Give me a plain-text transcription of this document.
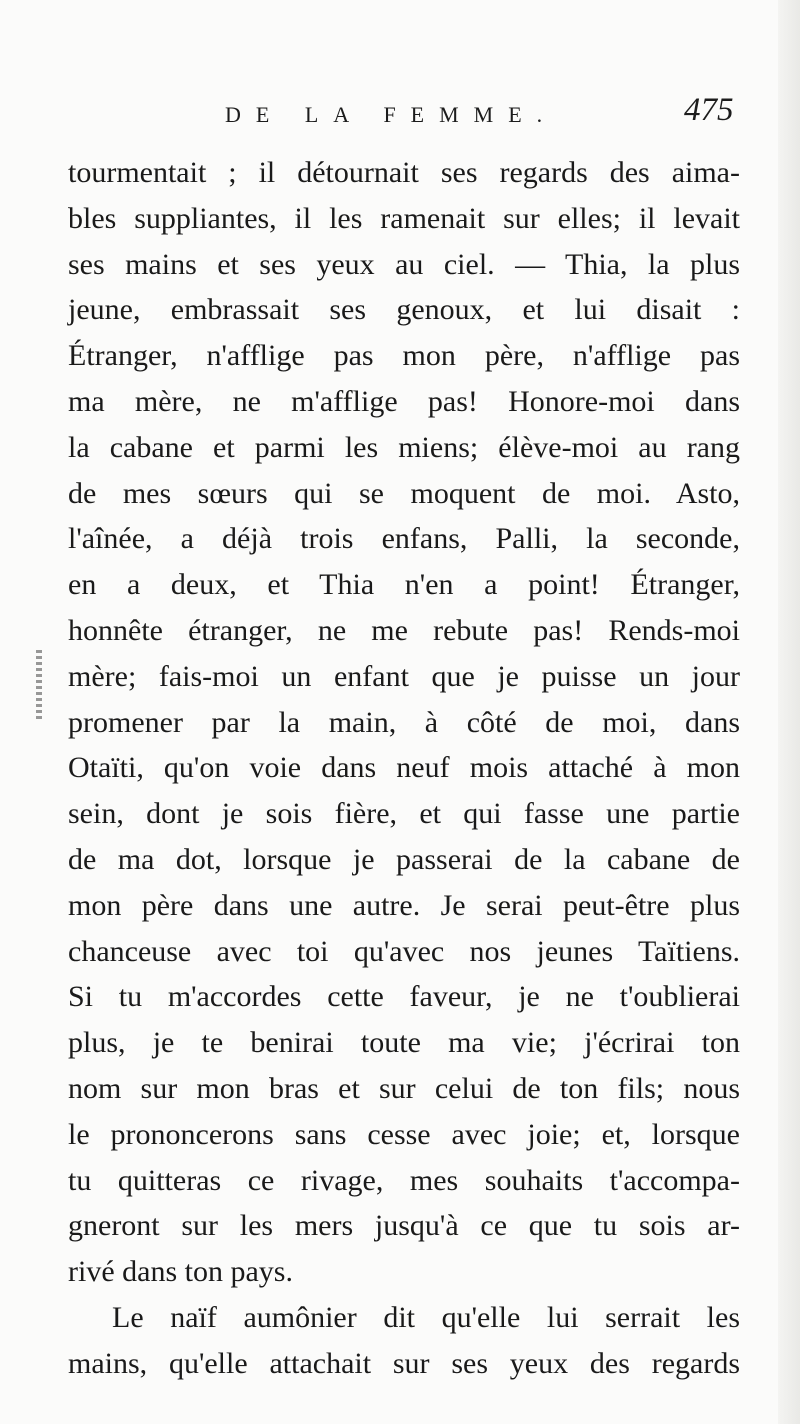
DE LA FEMME.	475
tourmentait ; il détournait ses regards des aima-
bles suppliantes, il les ramenait sur elles; il levait
ses mains et ses yeux au ciel. — Thia, la plus
jeune, embrassait ses genoux, et lui disait :
Étranger, n'afflige pas mon père, n'afflige pas
ma mère, ne m'afflige pas! Honore-moi dans
la cabane et parmi les miens; élève-moi au rang
de mes sœurs qui se moquent de moi. Asto,
l'aînée, a déjà trois enfans, Palli, la seconde,
en a deux, et Thia n'en a point! Étranger,
honnête étranger, ne me rebute pas! Rends-moi
mère; fais-moi un enfant que je puisse un jour
promener par la main, à côté de moi, dans
Otaïti, qu'on voie dans neuf mois attaché à mon
sein, dont je sois fière, et qui fasse une partie
de ma dot, lorsque je passerai de la cabane de
mon père dans une autre. Je serai peut-être plus
chanceuse avec toi qu'avec nos jeunes Taïtiens.
Si tu m'accordes cette faveur, je ne t'oublierai
plus, je te benirai toute ma vie; j'écrirai ton
nom sur mon bras et sur celui de ton fils; nous
le prononcerons sans cesse avec joie; et, lorsque
tu quitteras ce rivage, mes souhaits t'accompa-
gneront sur les mers jusqu'à ce que tu sois ar-
rivé dans ton pays.
Le naïf aumônier dit qu'elle lui serrait les
mains, qu'elle attachait sur ses yeux des regards
